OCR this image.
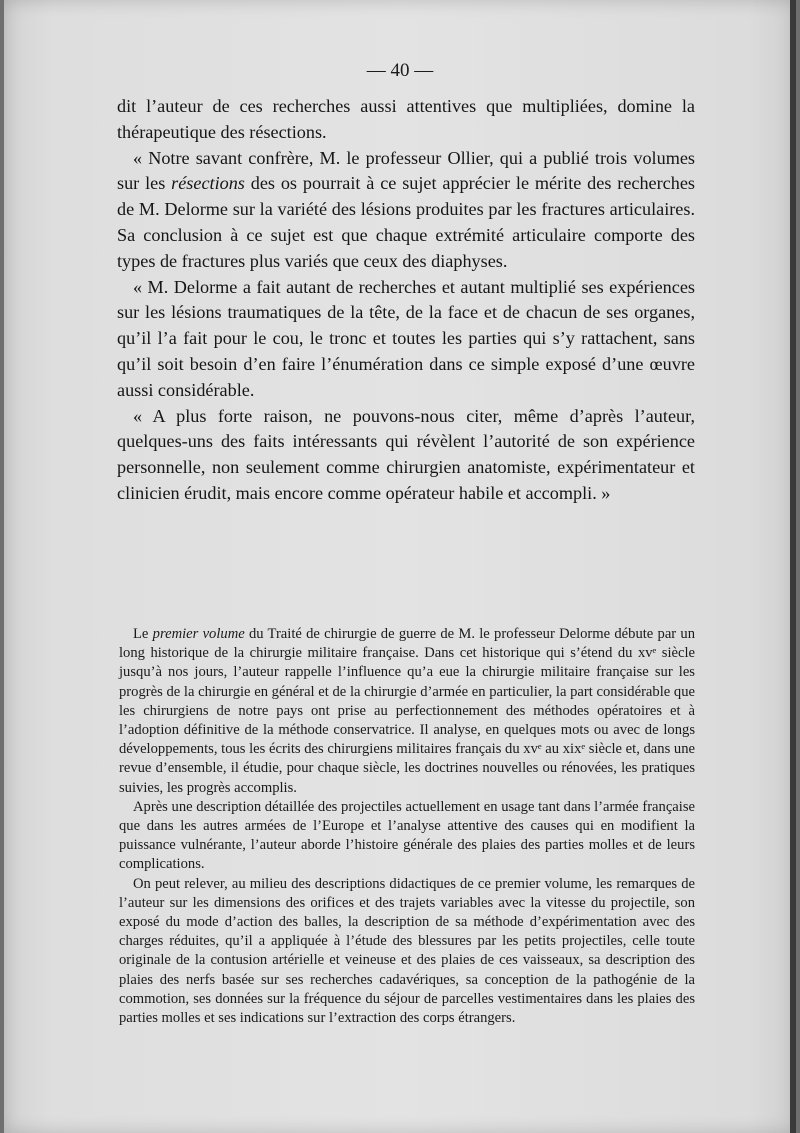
— 40 —

dit l’auteur de ces recherches aussi attentives que multipliées, domine la thérapeutique des résections.

« Notre savant confrère, M. le professeur Ollier, qui a publié trois volumes sur les résections des os pourrait à ce sujet apprécier le mérite des recherches de M. Delorme sur la variété des lésions produites par les fractures articulaires. Sa conclusion à ce sujet est que chaque extrémité articulaire comporte des types de fractures plus variés que ceux des diaphyses.

« M. Delorme a fait autant de recherches et autant multiplié ses expériences sur les lésions traumatiques de la tête, de la face et de chacun de ses organes, qu’il l’a fait pour le cou, le tronc et toutes les parties qui s’y rattachent, sans qu’il soit besoin d’en faire l’énumération dans ce simple exposé d’une œuvre aussi considérable.

« A plus forte raison, ne pouvons-nous citer, même d’après l’auteur, quelques-uns des faits intéressants qui révèlent l’autorité de son expérience personnelle, non seulement comme chirurgien anatomiste, expérimentateur et clinicien érudit, mais encore comme opérateur habile et accompli. »

Le premier volume du Traité de chirurgie de guerre de M. le professeur Delorme débute par un long historique de la chirurgie militaire française. Dans cet historique qui s’étend du xvᵉ siècle jusqu’à nos jours, l’auteur rappelle l’influence qu’a eue la chirurgie militaire française sur les progrès de la chirurgie en général et de la chirurgie d’armée en particulier, la part considérable que les chirurgiens de notre pays ont prise au perfectionnement des méthodes opératoires et à l’adoption définitive de la méthode conservatrice. Il analyse, en quelques mots ou avec de longs développements, tous les écrits des chirurgiens militaires français du xvᵉ au xixᵉ siècle et, dans une revue d’ensemble, il étudie, pour chaque siècle, les doctrines nouvelles ou rénovées, les pratiques suivies, les progrès accomplis.

Après une description détaillée des projectiles actuellement en usage tant dans l’armée française que dans les autres armées de l’Europe et l’analyse attentive des causes qui en modifient la puissance vulnérante, l’auteur aborde l’histoire générale des plaies des parties molles et de leurs complications.

On peut relever, au milieu des descriptions didactiques de ce premier volume, les remarques de l’auteur sur les dimensions des orifices et des trajets variables avec la vitesse du projectile, son exposé du mode d’action des balles, la description de sa méthode d’expérimentation avec des charges réduites, qu’il a appliquée à l’étude des blessures par les petits projectiles, celle toute originale de la contusion artérielle et veineuse et des plaies de ces vaisseaux, sa description des plaies des nerfs basée sur ses recherches cadavériques, sa conception de la pathogénie de la commotion, ses données sur la fréquence du séjour de parcelles vestimentaires dans les plaies des parties molles et ses indications sur l’extraction des corps étrangers.
